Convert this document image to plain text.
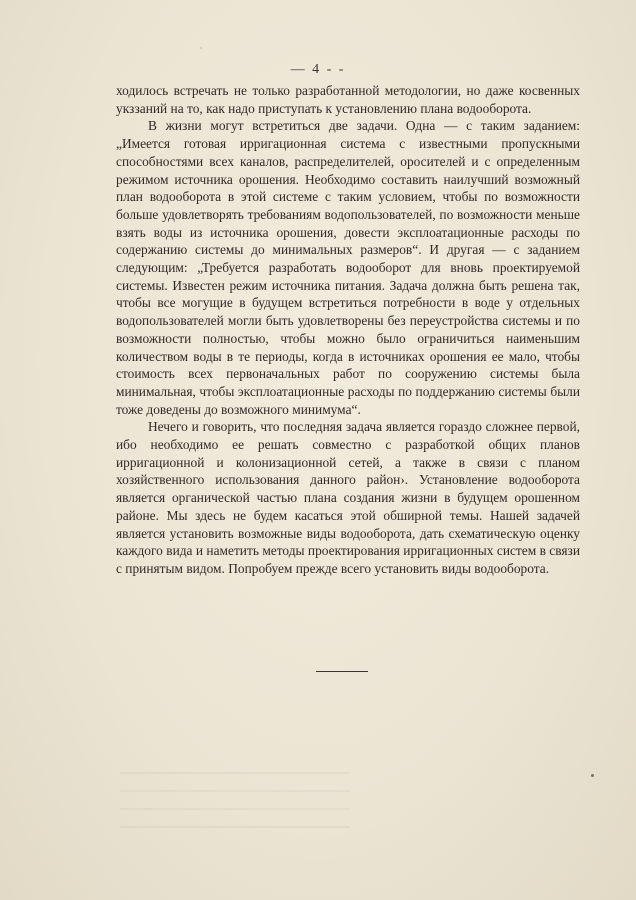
— 4 - -

ходилось встречать не только разработанной методологии, но даже косвенных укззаний на то, как надо приступать к установлению плана водооборота.

В жизни могут встретиться две задачи. Одна — с таким заданием: „Имеется готовая ирригационная система с известными пропускными способностями всех каналов, распределителей, оросителей и с определенным режимом источника орошения. Необходимо составить наилучший возможный план водооборота в этой системе с таким условием, чтобы по возможности больше удовлетворять требованиям водопользователей, по возможности меньше взять воды из источника орошения, довести эксплоатационные расходы по содержанию системы до минимальных размеров“. И другая — с заданием следующим: „Требуется разработать водооборот для вновь проектируемой системы. Известен режим источника питания. Задача должна быть решена так, чтобы все могущие в будущем встретиться потребности в воде у отдельных водопользователей могли быть удовлетворены без переустройства системы и по возможности полностью, чтобы можно было ограничиться наименьшим количеством воды в те периоды, когда в источниках орошения ее мало, чтобы стоимость всех первоначальных работ по сооружению системы была минимальная, чтобы эксплоатационные расходы по поддержанию системы были тоже доведены до возможного минимума“.

Нечего и говорить, что последняя задача является гораздо сложнее первой, ибо необходимо ее решать совместно с разработкой общих планов ирригационной и колонизационной сетей, а также в связи с планом хозяйственного использования данного район›. Установление водооборота является органической частью плана создания жизни в будущем орошенном районе. Мы здесь не будем касаться этой обширной темы. Нашей задачей является установить возможные виды водооборота, дать схематическую оценку каждого вида и наметить методы проектирования ирригационных систем в связи с принятым видом. Попробуем прежде всего установить виды водооборота.
